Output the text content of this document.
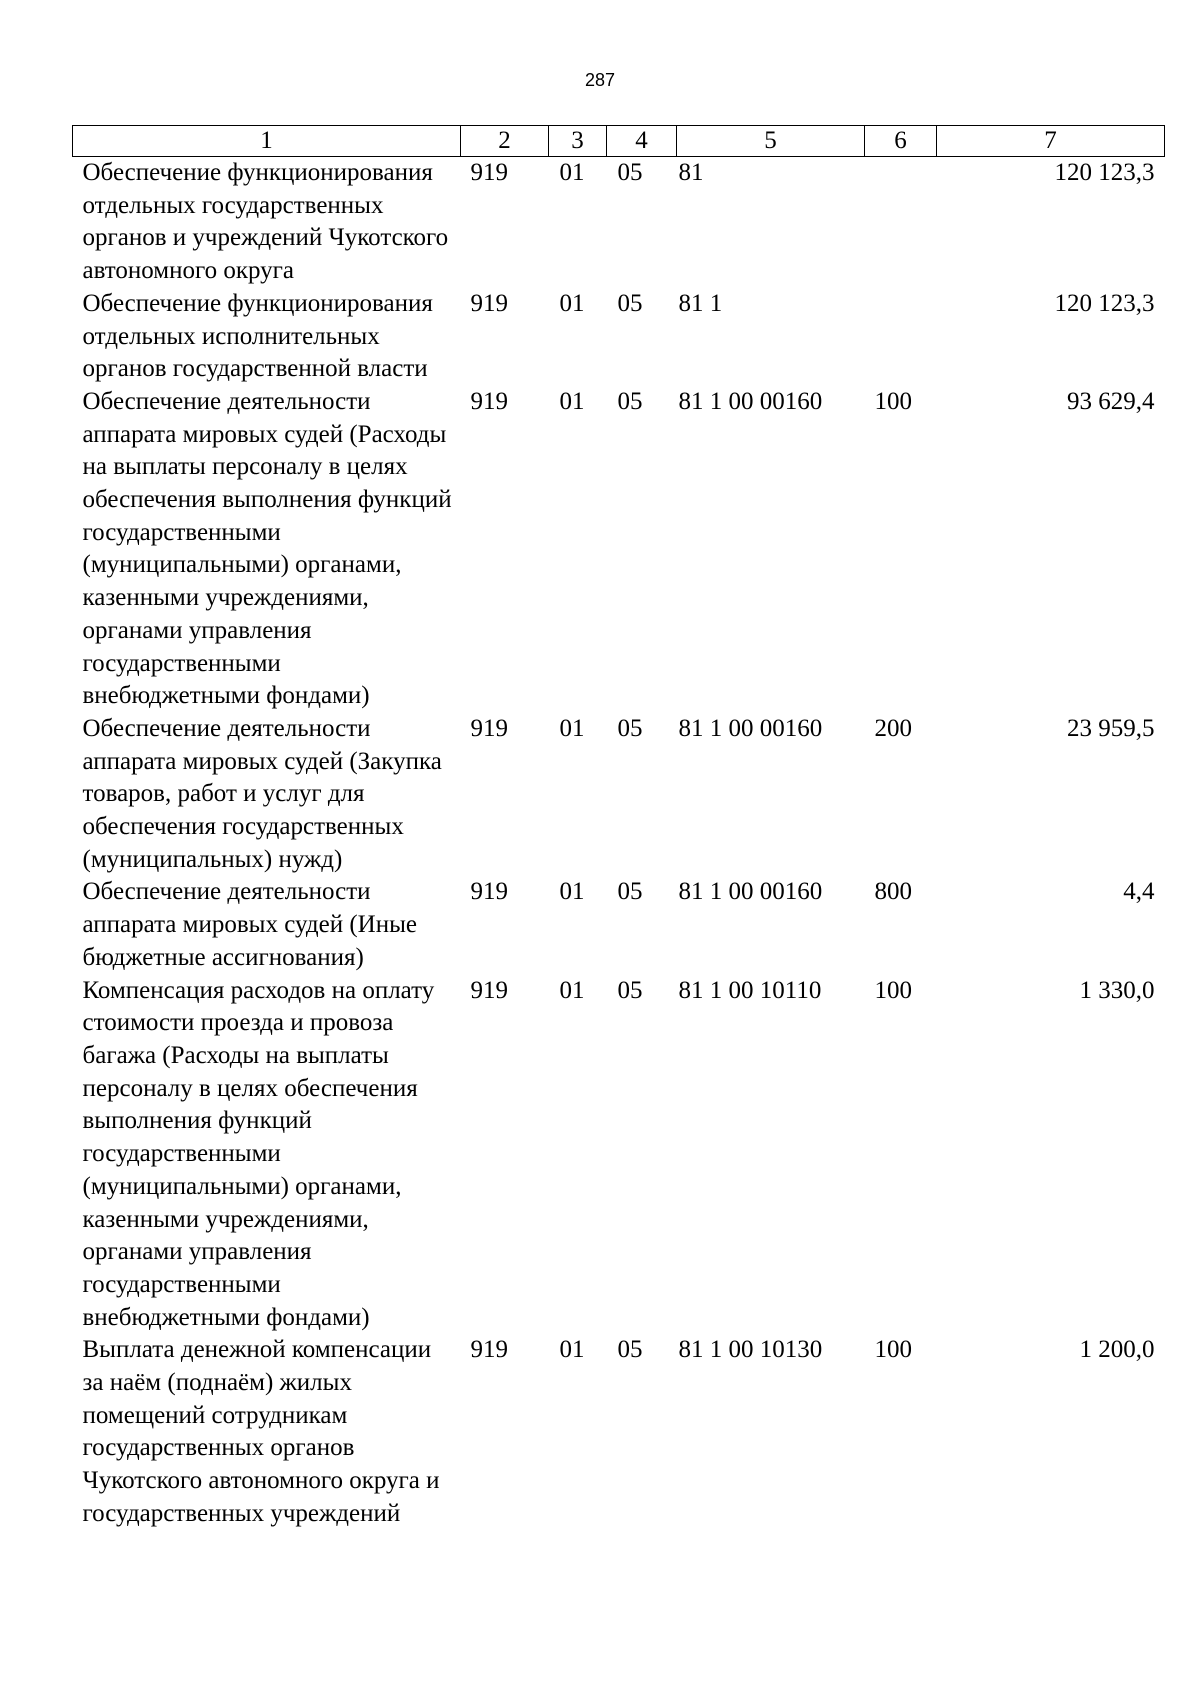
287
1	2	3	4	5	6	7
Обеспечение функционирования отдельных государственных органов и учреждений Чукотского автономного округа	919	01	05	81		120 123,3
Обеспечение функционирования отдельных исполнительных органов государственной власти	919	01	05	81 1		120 123,3
Обеспечение деятельности аппарата мировых судей (Расходы на выплаты персоналу в целях обеспечения выполнения функций государственными (муниципальными) органами, казенными учреждениями, органами управления государственными внебюджетными фондами)	919	01	05	81 1 00 00160	100	93 629,4
Обеспечение деятельности аппарата мировых судей (Закупка товаров, работ и услуг для обеспечения государственных (муниципальных) нужд)	919	01	05	81 1 00 00160	200	23 959,5
Обеспечение деятельности аппарата мировых судей (Иные бюджетные ассигнования)	919	01	05	81 1 00 00160	800	4,4
Компенсация расходов на оплату стоимости проезда и провоза багажа (Расходы на выплаты персоналу в целях обеспечения выполнения функций государственными (муниципальными) органами, казенными учреждениями, органами управления государственными внебюджетными фондами)	919	01	05	81 1 00 10110	100	1 330,0
Выплата денежной компенсации за наём (поднаём) жилых помещений сотрудникам государственных органов Чукотского автономного округа и государственных учреждений	919	01	05	81 1 00 10130	100	1 200,0
